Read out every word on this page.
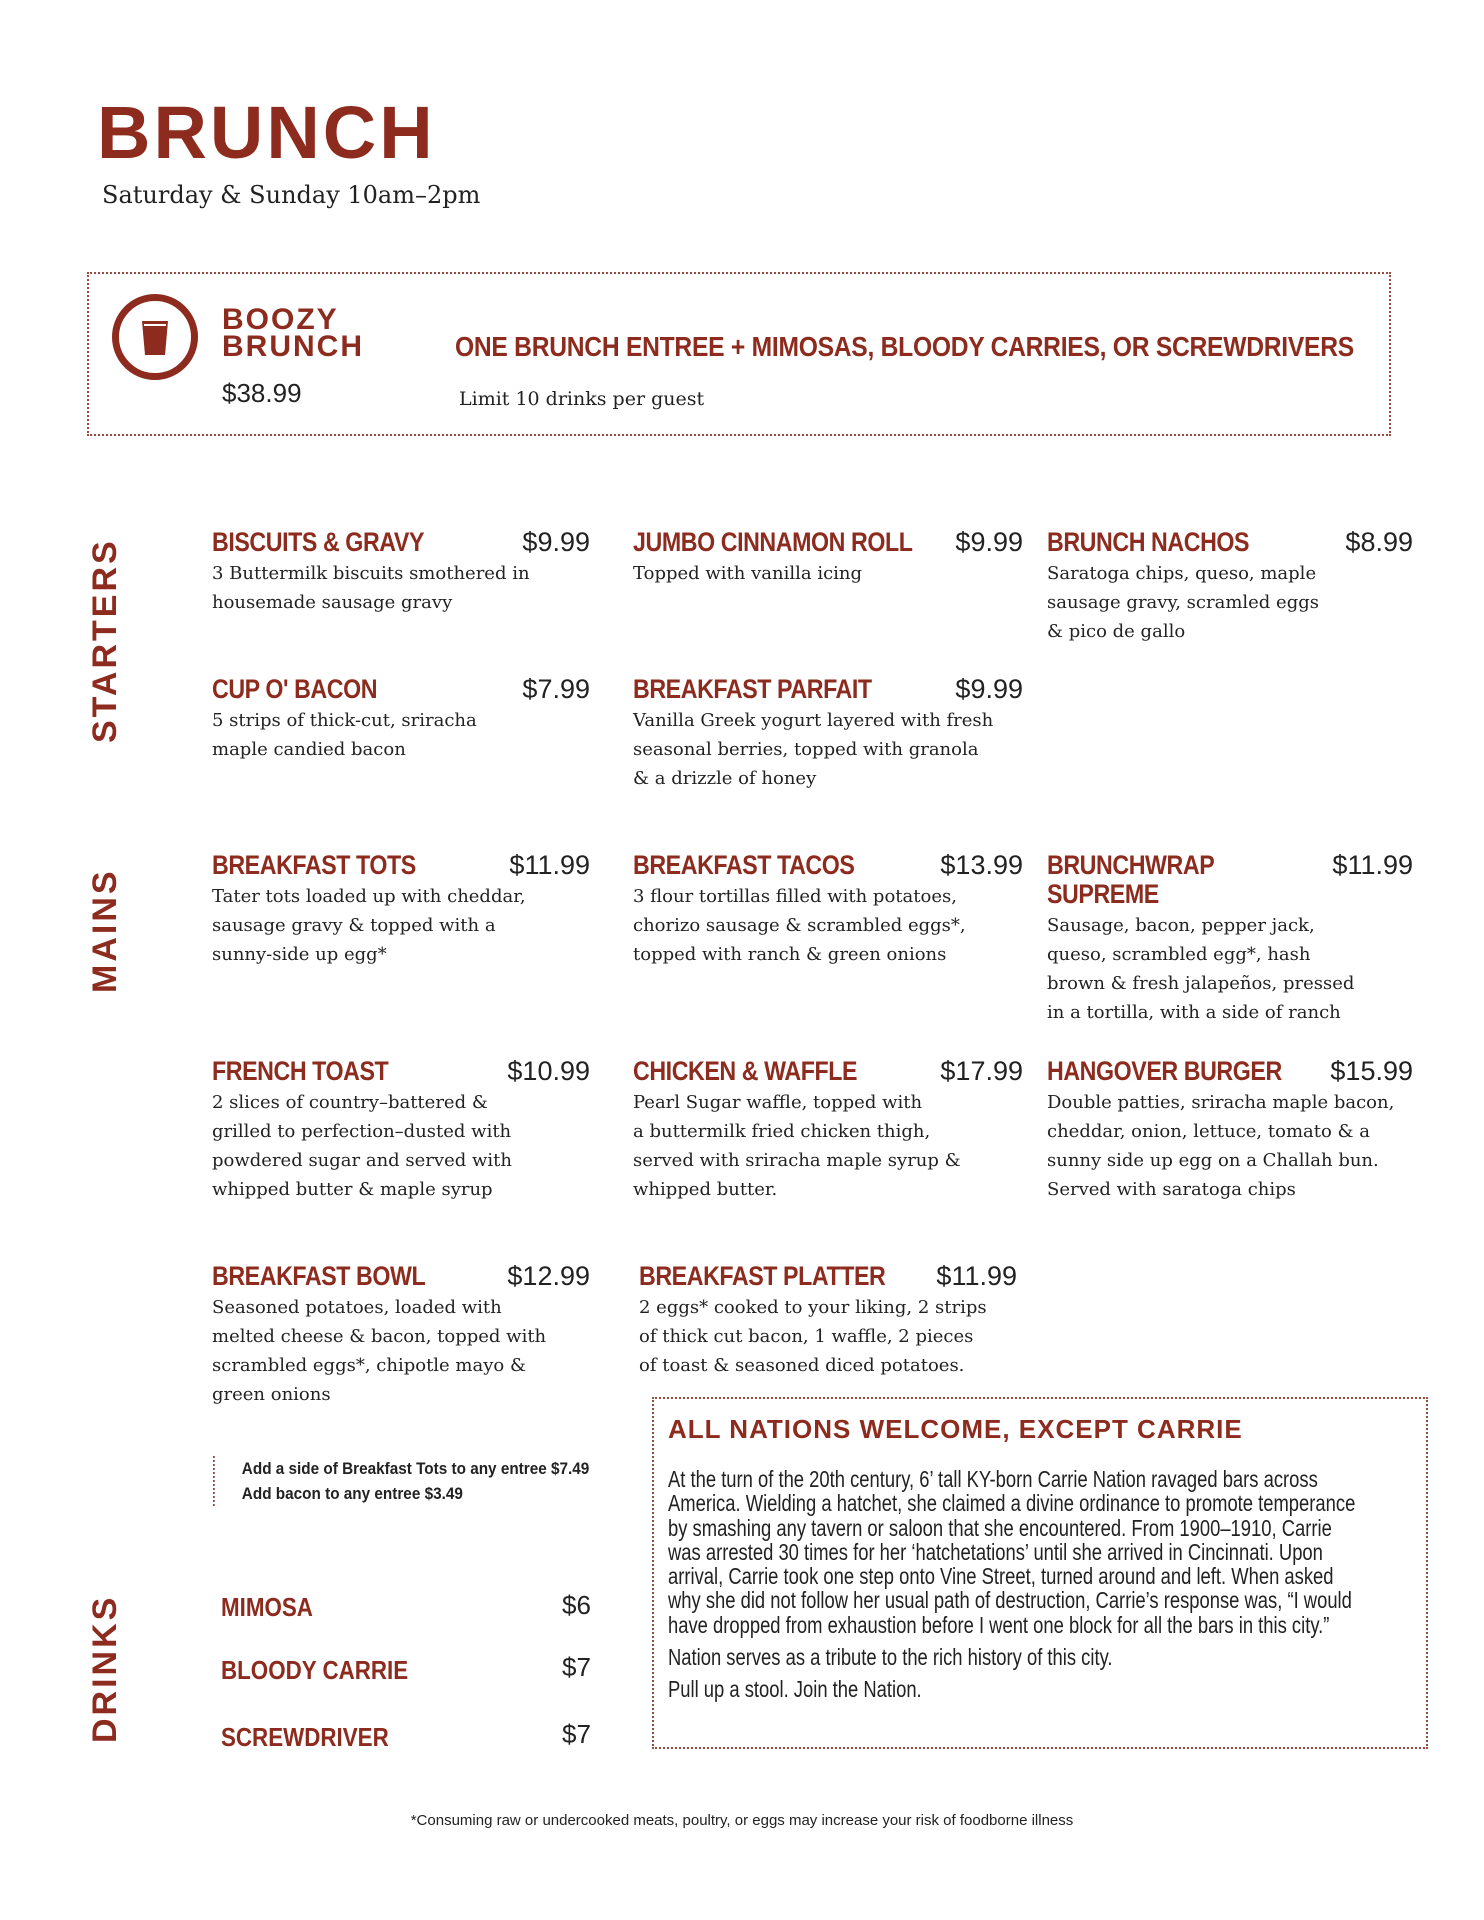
BRUNCH
Saturday & Sunday 10am–2pm
BOOZY
BRUNCH
$38.99
ONE BRUNCH ENTREE + MIMOSAS, BLOODY CARRIES, OR SCREWDRIVERS
Limit 10 drinks per guest
STARTERS
MAINS
DRINKS
BISCUITS & GRAVY	$9.99
3 Buttermilk biscuits smothered in
housemade sausage gravy
JUMBO CINNAMON ROLL	$9.99
Topped with vanilla icing
BRUNCH NACHOS	$8.99
Saratoga chips, queso, maple
sausage gravy, scramled eggs
& pico de gallo
CUP O' BACON	$7.99
5 strips of thick-cut, sriracha
maple candied bacon
BREAKFAST PARFAIT	$9.99
Vanilla Greek yogurt layered with fresh
seasonal berries, topped with granola
& a drizzle of honey
BREAKFAST TOTS	$11.99
Tater tots loaded up with cheddar,
sausage gravy & topped with a
sunny-side up egg*
BREAKFAST TACOS	$13.99
3 flour tortillas filled with potatoes,
chorizo sausage & scrambled eggs*,
topped with ranch & green onions
BRUNCHWRAP SUPREME
$11.99
Sausage, bacon, pepper jack,
queso, scrambled egg*, hash
brown & fresh jalapeños, pressed
in a tortilla, with a side of ranch
FRENCH TOAST	$10.99
2 slices of country–battered &
grilled to perfection–dusted with
powdered sugar and served with
whipped butter & maple syrup
CHICKEN & WAFFLE	$17.99
Pearl Sugar waffle, topped with
a buttermilk fried chicken thigh,
served with sriracha maple syrup &
whipped butter.
HANGOVER BURGER	$15.99
Double patties, sriracha maple bacon,
cheddar, onion, lettuce, tomato & a
sunny side up egg on a Challah bun.
Served with saratoga chips
BREAKFAST BOWL	$12.99
Seasoned potatoes, loaded with
melted cheese & bacon, topped with
scrambled eggs*, chipotle mayo &
green onions
BREAKFAST PLATTER	$11.99
2 eggs* cooked to your liking, 2 strips
of thick cut bacon, 1 waffle, 2 pieces
of toast & seasoned diced potatoes.
Add a side of Breakfast Tots to any entree $7.49
Add bacon to any entree $3.49
MIMOSA	$6
BLOODY CARRIE	$7
SCREWDRIVER	$7
ALL NATIONS WELCOME, EXCEPT CARRIE

At the turn of the 20th century, 6’ tall KY-born Carrie Nation ravaged bars across America. Wielding a hatchet, she claimed a divine ordinance to promote temperance by smashing any tavern or saloon that she encountered. From 1900–1910, Carrie was arrested 30 times for her ‘hatchetations’ until she arrived in Cincinnati. Upon arrival, Carrie took one step onto Vine Street, turned around and left. When asked why she did not follow her usual path of destruction, Carrie’s response was, “I would have dropped from exhaustion before I went one block for all the bars in this city.”

Nation serves as a tribute to the rich history of this city.

Pull up a stool. Join the Nation.

*Consuming raw or undercooked meats, poultry, or eggs may increase your risk of foodborne illness
